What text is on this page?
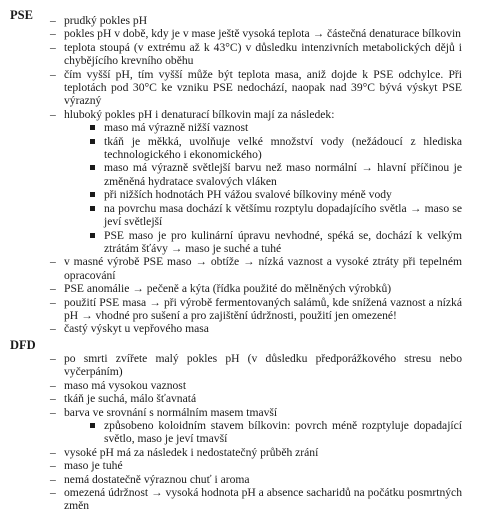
PSE
–	prudký pokles pH
– pokles pH v době, kdy je v mase ještě vysoká teplota → částečná denaturace bílkovin
– teplota stoupá (v extrému až k 43°C) v důsledku intenzivních metabolických dějů i chybějícího krevního oběhu
– čím vyšší pH, tím vyšší může být teplota masa, aniž dojde k PSE odchylce. Při teplotách pod 30°C ke vzniku PSE nedochází, naopak nad 39°C bývá výskyt PSE výrazný
– hluboký pokles pH i denaturací bílkovin mají za následek:
maso má výrazně nižší vaznost
tkáň je měkká, uvolňuje velké množství vody (nežádoucí z hlediska technologického i ekonomického)
maso má výrazně světlejší barvu než maso normální → hlavní příčinou je změněná hydratace svalových vláken
při nižších hodnotách PH vážou svalové bílkoviny méně vody
na povrchu masa dochází k většímu rozptylu dopadajícího světla → maso se jeví světlejší
PSE maso je pro kulinární úpravu nevhodné, spéká se, dochází k velkým ztrátám šťávy → maso je suché a tuhé
– v masné výrobě PSE maso → obtíže → nízká vaznost a vysoké ztráty při tepelném opracování
– PSE anomálie → pečeně a kýta (řídka použité do mělněných výrobků)
– použití PSE masa → při výrobě fermentovaných salámů, kde snížená vaznost a nízká pH → vhodné pro sušení a pro zajištění údržnosti, použití jen omezené!
– častý výskyt u vepřového masa
DFD
– po smrti zvířete malý pokles pH (v důsledku předporážkového stresu nebo vyčerpáním)
– maso má vysokou vaznost
– tkáň je suchá, málo šťavnatá
– barva ve srovnání s normálním masem tmavší
způsobeno koloidním stavem bílkovin: povrch méně rozptyluje dopadající světlo, maso je jeví tmavší
– vysoké pH má za následek i nedostatečný průběh zrání
– maso je tuhé
– nemá dostatečně výraznou chuť i aroma
– omezená údržnost → vysoká hodnota pH a absence sacharidů na počátku posmrtných změn
